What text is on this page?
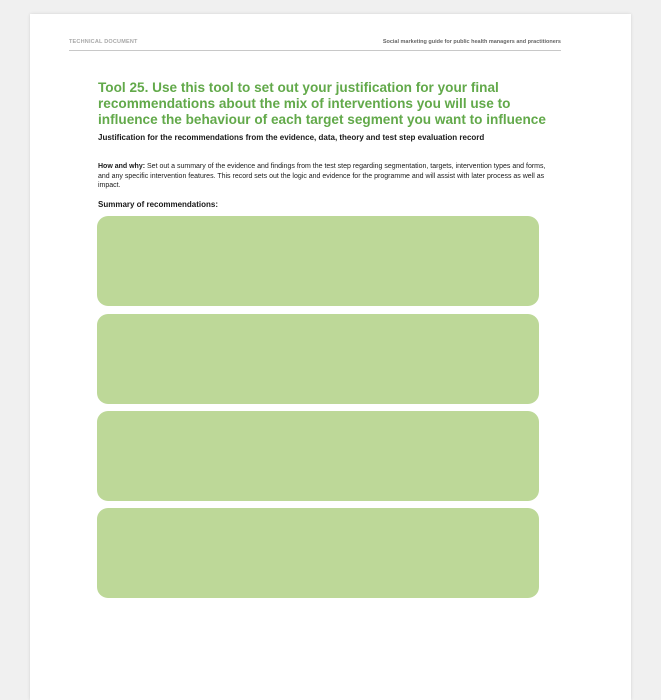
TECHNICAL DOCUMENT	Social marketing guide for public health managers and practitioners
Tool 25. Use this tool to set out your justification for your final recommendations about the mix of interventions you will use to influence the behaviour of each target segment you want to influence

Justification for the recommendations from the evidence, data, theory and test step evaluation record

How and why: Set out a summary of the evidence and findings from the test step regarding segmentation, targets, intervention types and forms, and any specific intervention features. This record sets out the logic and evidence for the programme and will assist with later process as well as impact.

Summary of recommendations:
